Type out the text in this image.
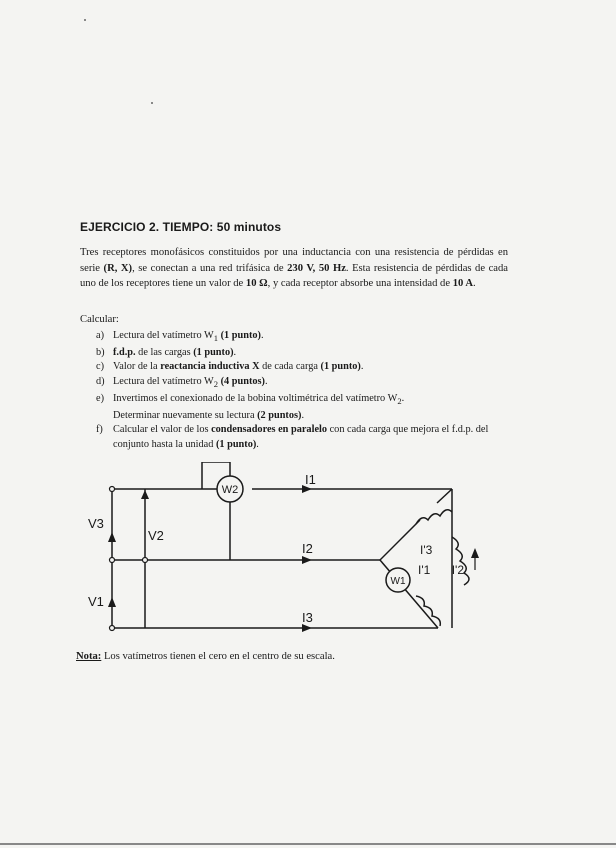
EJERCICIO 2. TIEMPO: 50 minutos
Tres receptores monofásicos constituidos por una inductancia con una resistencia de pérdidas en serie (R, X), se conectan a una red trifásica de 230 V, 50 Hz. Esta resistencia de pérdidas de cada uno de los receptores tiene un valor de 10 Ω, y cada receptor absorbe una intensidad de 10 A.
Calcular:
a) Lectura del vatímetro $W_1$ (1 punto).
b) f.d.p. de las cargas (1 punto).
c) Valor de la reactancia inductiva X de cada carga (1 punto).
d) Lectura del vatímetro $W_2$ (4 puntos).
e) Invertimos el conexionado de la bobina voltimétrica del vatímetro $W_2$.
Determinar nuevamente su lectura (2 puntos).
f) Calcular el valor de los condensadores en paralelo con cada carga que mejora el f.d.p. del conjunto hasta la unidad (1 punto).
W2
W1
I1
I2
I3
V3
V2
V1
I'3
I'1 I'2
Nota: Los vatímetros tienen el cero en el centro de su escala.
